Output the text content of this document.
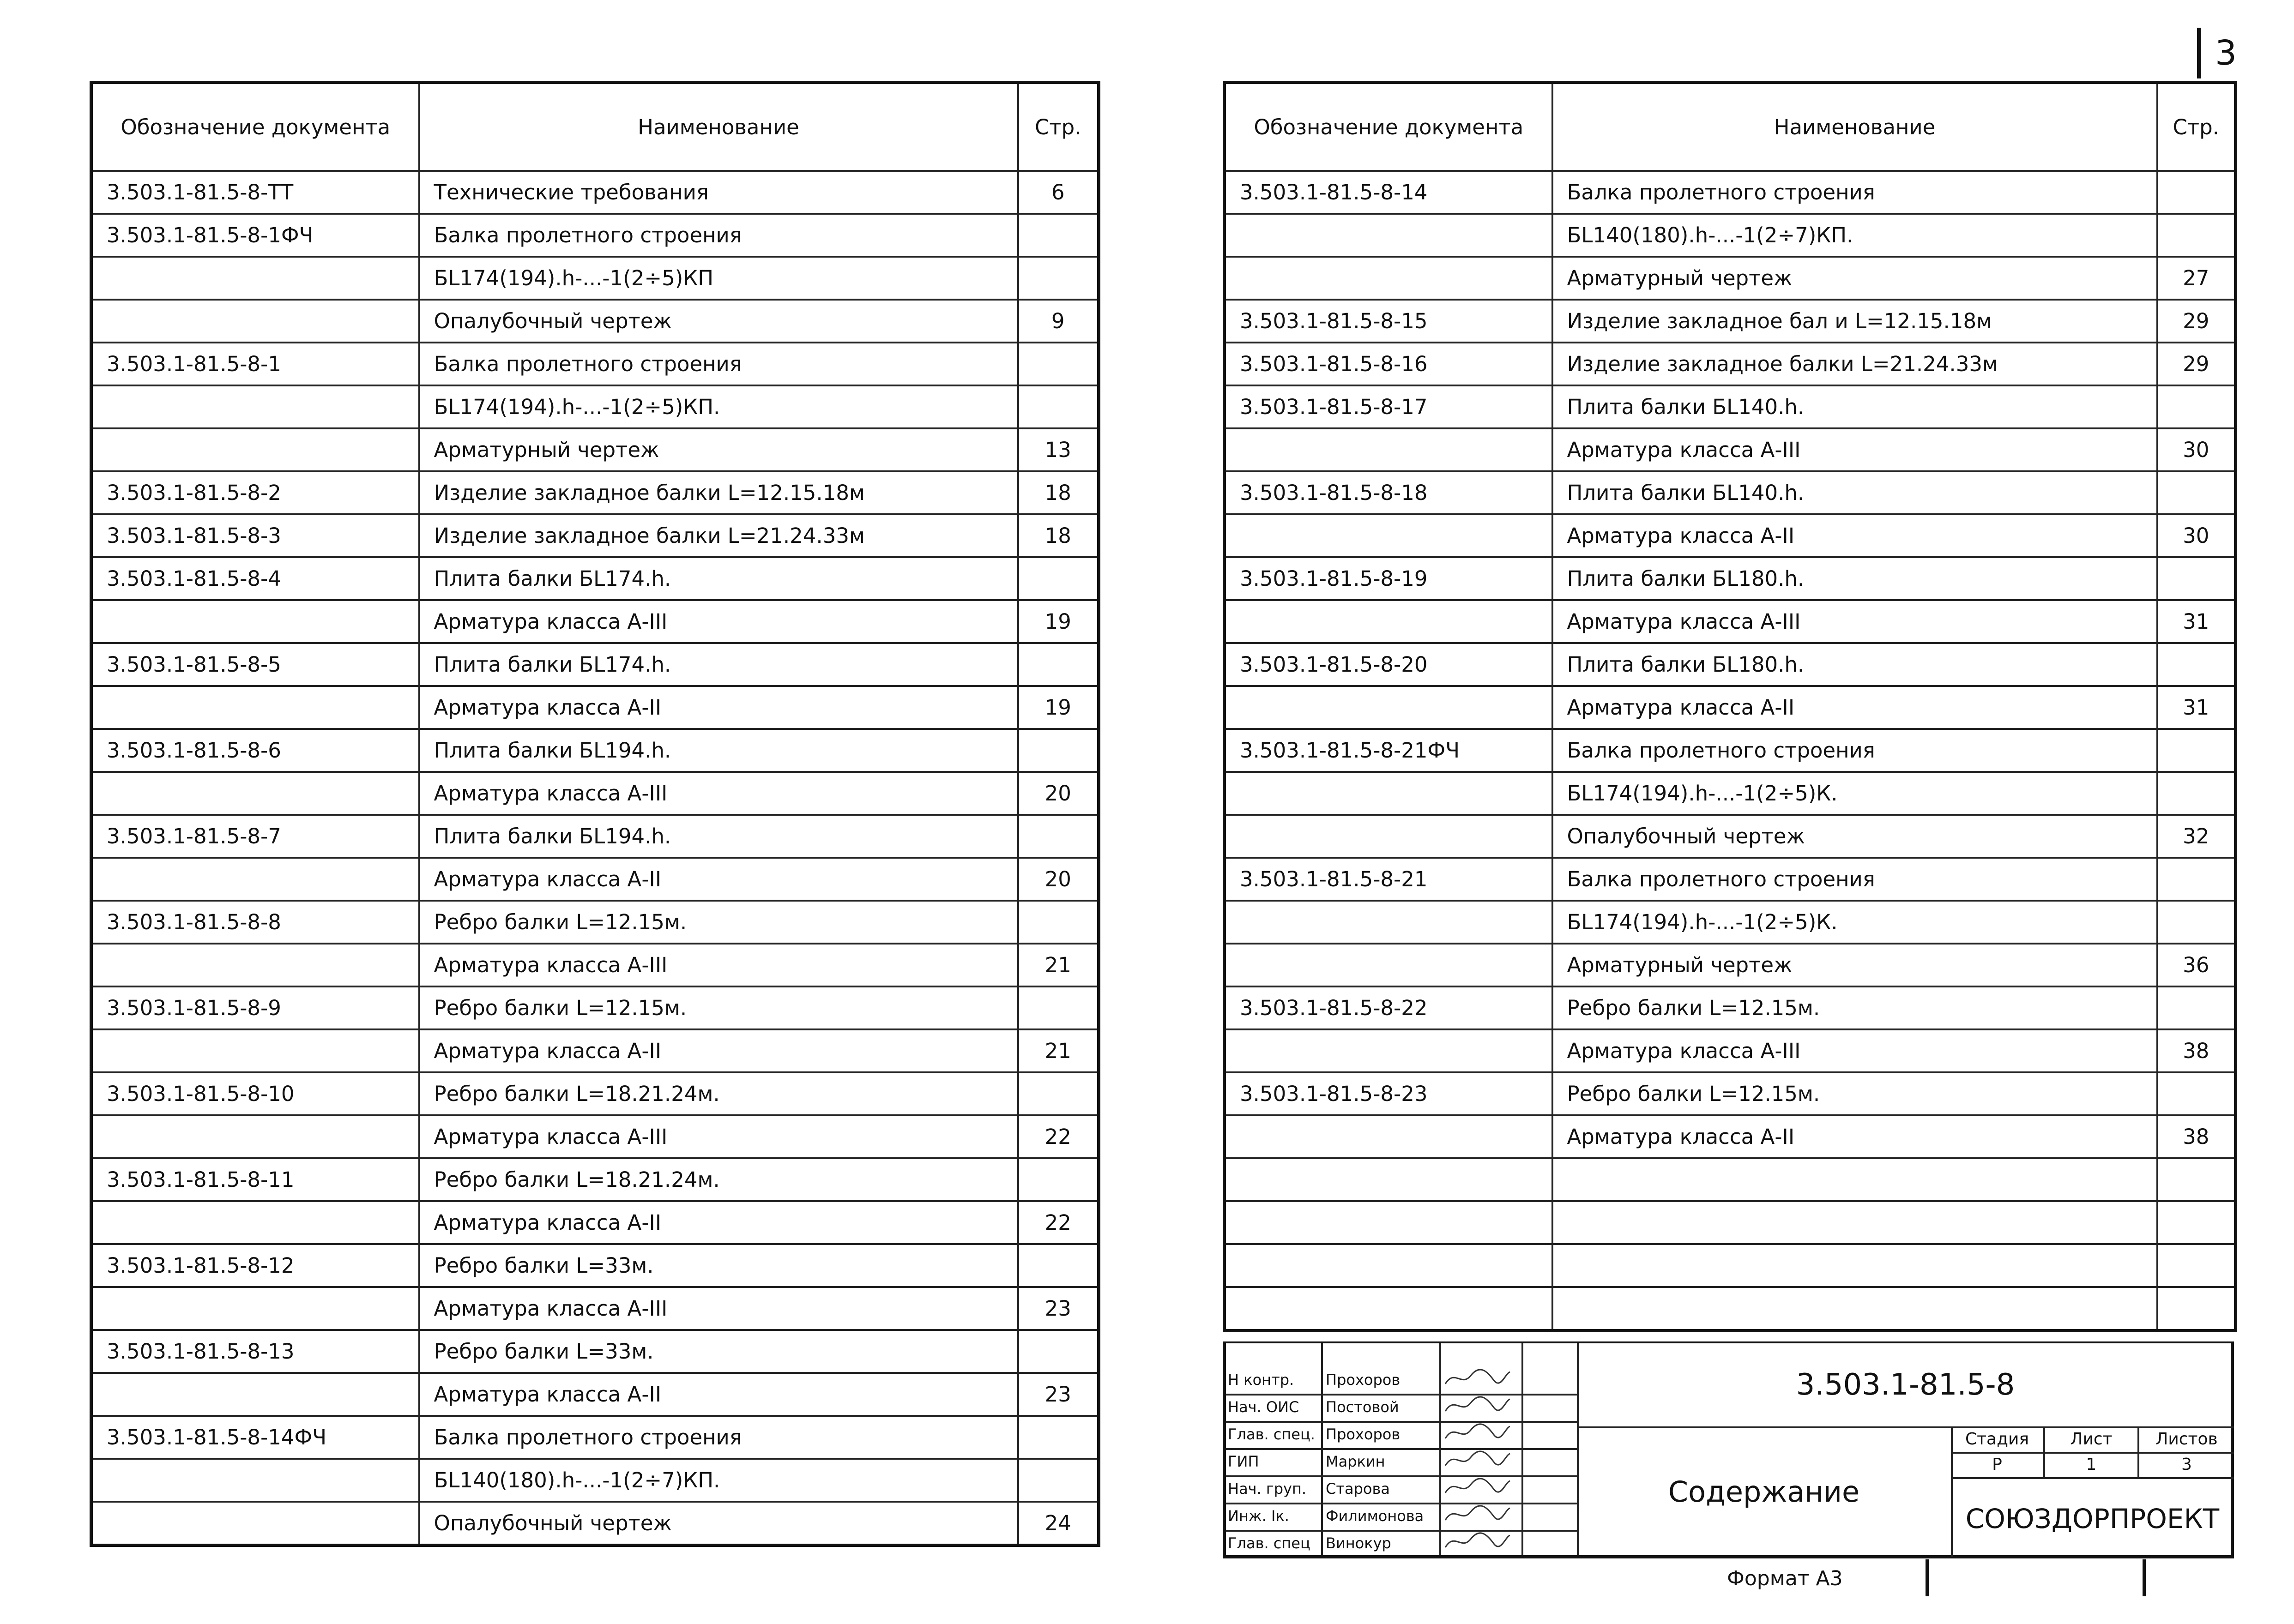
3
Обозначение документа	Наименование	Стр.
3.503.1-81.5-8-ТТ	Технические требования	6
3.503.1-81.5-8-1ФЧ	Балка пролетного строения	
	БL174(194).h-...-1(2÷5)КП	
	Опалубочный чертеж	9
3.503.1-81.5-8-1	Балка пролетного строения	
	БL174(194).h-...-1(2÷5)КП.	
	Арматурный чертеж	13
3.503.1-81.5-8-2	Изделие закладное балки L=12.15.18м	18
3.503.1-81.5-8-3	Изделие закладное балки L=21.24.33м	18
3.503.1-81.5-8-4	Плита балки БL174.h.	
	Арматура класса А-III	19
3.503.1-81.5-8-5	Плита балки БL174.h.	
	Арматура класса А-II	19
3.503.1-81.5-8-6	Плита балки БL194.h.	
	Арматура класса А-III	20
3.503.1-81.5-8-7	Плита балки БL194.h.	
	Арматура класса А-II	20
3.503.1-81.5-8-8	Ребро балки L=12.15м.	
	Арматура класса А-III	21
3.503.1-81.5-8-9	Ребро балки L=12.15м.	
	Арматура класса А-II	21
3.503.1-81.5-8-10	Ребро балки L=18.21.24м.	
	Арматура класса А-III	22
3.503.1-81.5-8-11	Ребро балки L=18.21.24м.	
	Арматура класса А-II	22
3.503.1-81.5-8-12	Ребро балки L=33м.	
	Арматура класса А-III	23
3.503.1-81.5-8-13	Ребро балки L=33м.	
	Арматура класса А-II	23
3.503.1-81.5-8-14ФЧ	Балка пролетного строения	
	БL140(180).h-...-1(2÷7)КП.	
	Опалубочный чертеж	24
Обозначение документа	Наименование	Стр.
3.503.1-81.5-8-14	Балка пролетного строения	
	БL140(180).h-...-1(2÷7)КП.	
	Арматурный чертеж	27
3.503.1-81.5-8-15	Изделие закладное бал и L=12.15.18м	29
3.503.1-81.5-8-16	Изделие закладное балки L=21.24.33м	29
3.503.1-81.5-8-17	Плита балки БL140.h.	
	Арматура класса А-III	30
3.503.1-81.5-8-18	Плита балки БL140.h.	
	Арматура класса А-II	30
3.503.1-81.5-8-19	Плита балки БL180.h.	
	Арматура класса А-III	31
3.503.1-81.5-8-20	Плита балки БL180.h.	
	Арматура класса А-II	31
3.503.1-81.5-8-21ФЧ	Балка пролетного строения	
	БL174(194).h-...-1(2÷5)К.	
	Опалубочный чертеж	32
3.503.1-81.5-8-21	Балка пролетного строения	
	БL174(194).h-...-1(2÷5)К.	
	Арматурный чертеж	36
3.503.1-81.5-8-22	Ребро балки L=12.15м.	
	Арматура класса А-III	38
3.503.1-81.5-8-23	Ребро балки L=12.15м.	
	Арматура класса А-II	38

Н контр.	Прохоров
Нач. ОИС	Постовой
Глав. спец. Прохоров
ГИП	Маркин
Нач. груп.	Старова
Инж. Iк.	Филимонова
Глав. спец	Винокур
3.503.1-81.5-8
Содержание
Стадия	Лист	Листов
Р	1	3
СОЮЗДОРПРОЕКТ
Формат А3
